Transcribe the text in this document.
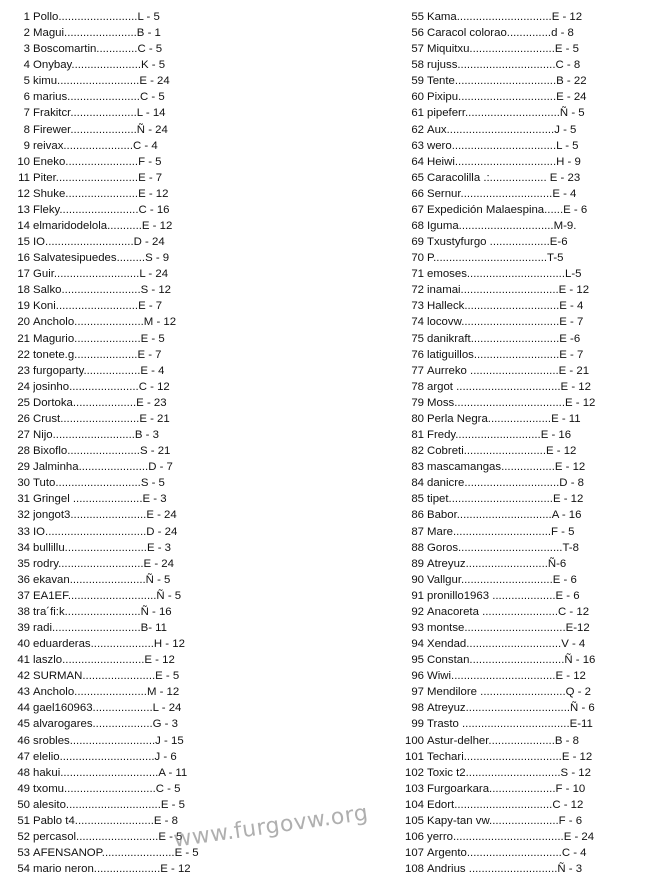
1 Pollo.........................L - 5
2 Magui.......................B - 1
3 Boscomartin.............C - 5
4 Onybay......................K - 5
5 kimu..........................E - 24
6 marius.......................C - 5
7 Frakitcr.....................L - 14
8 Firewer.....................Ñ - 24
9 reivax......................C - 4
10 Eneko.......................F - 5
11 Piter..........................E - 7
12 Shuke.......................E - 12
13 Fleky.........................C - 16
14 elmaridodelola...........E - 12
15 IO............................D - 24
16 Salvatesipuedes.........S - 9
17 Guir...........................L - 24
18 Salko.........................S - 12
19 Koni..........................E - 7
20 Ancholo......................M - 12
21 Magurio.....................E - 5
22 tonete.g....................E - 7
23 furgoparty..................E - 4
24 josinho......................C - 12
25 Dortoka....................E - 23
26 Crust.........................E - 21
27 Nijo..........................B - 3
28 Bixoflo.......................S - 21
29 Jalminha......................D - 7
30 Tuto...........................S - 5
31 Gringel ......................E - 3
32 jongot3........................E - 24
33 IO................................D - 24
34 bullillu..........................E - 3
35 rodry...........................E - 24
36 ekavan........................Ñ - 5
37 EA1EF............................Ñ - 5
38 tra´fi:k........................Ñ - 16
39 radi............................B- 11
40 eduarderas....................H - 12
41 laszlo..........................E - 12
42 SURMAN.......................E - 5
43 Ancholo.......................M - 12
44 gael160963...................L - 24
45 alvarogares...................G - 3
46 srobles...........................J - 15
47 elelio..............................J - 6
48 hakui...............................A - 11
49 txomu.............................C - 5
50 alesito..............................E - 5
51 Pablo t4.........................E - 8
52 percasol..........................E - 5
53 AFENSANOP.......................E - 5
54 mario neron.....................E - 12
55 Kama..............................E - 12
56 Caracol colorao..............d - 8
57 Miquitxu...........................E - 5
58 rujuss...............................C - 8
59 Tente................................B - 22
60 Pixipu...............................E - 24
61 pipeferr..............................Ñ - 5
62 Aux..................................J - 5
63 wero.................................L - 5
64 Heiwi................................H - 9
65 Caracolilla .:.................. E - 23
66 Sernur.............................E - 4
67 Expedición Malaespina......E - 6
68 Iguma..............................M-9.
69 Txustyfurgo ...................E-6
70 P....................................T-5
71 emoses...............................L-5
72 inamai...............................E - 12
73 Halleck..............................E - 4
74 locovw...............................E - 7
75 danikraft............................E -6
76 latiguillos...........................E - 7
77 Aurreko ............................E - 21
78 argot .................................E - 12
79 Moss...................................E - 12
80 Perla Negra....................E - 11
81 Fredy...........................E - 16
82 Cobreti..........................E - 12
83 mascamangas.................E - 12
84 danicre..............................D - 8
85 tipet.................................E - 12
86 Babor..............................A - 16
87 Mare...............................F - 5
88 Goros.................................T-8
89 Atreyuz..........................Ñ-6
90 Vallgur.............................E - 6
91 pronillo1963 ....................E - 6
92 Anacoreta ........................C - 12
93 montse................................E-12
94 Xendad..............................V - 4
95 Constan..............................Ñ - 16
96 Wiwi.................................E - 12
97 Mendilore ...........................Q - 2
98 Atreyuz.................................Ñ - 6
99 Trasto ..................................E-11
100 Astur-delher.....................B - 8
101 Techari...............................E - 12
102 Toxic t2..............................S - 12
103 Furgoarkara.....................F - 10
104 Edort...............................C - 12
105 Kapy-tan vw......................F - 6
106 yerro...................................E - 24
107 Argento..............................C - 4
108 Andrius ............................Ñ - 3
www.furgovw.org
